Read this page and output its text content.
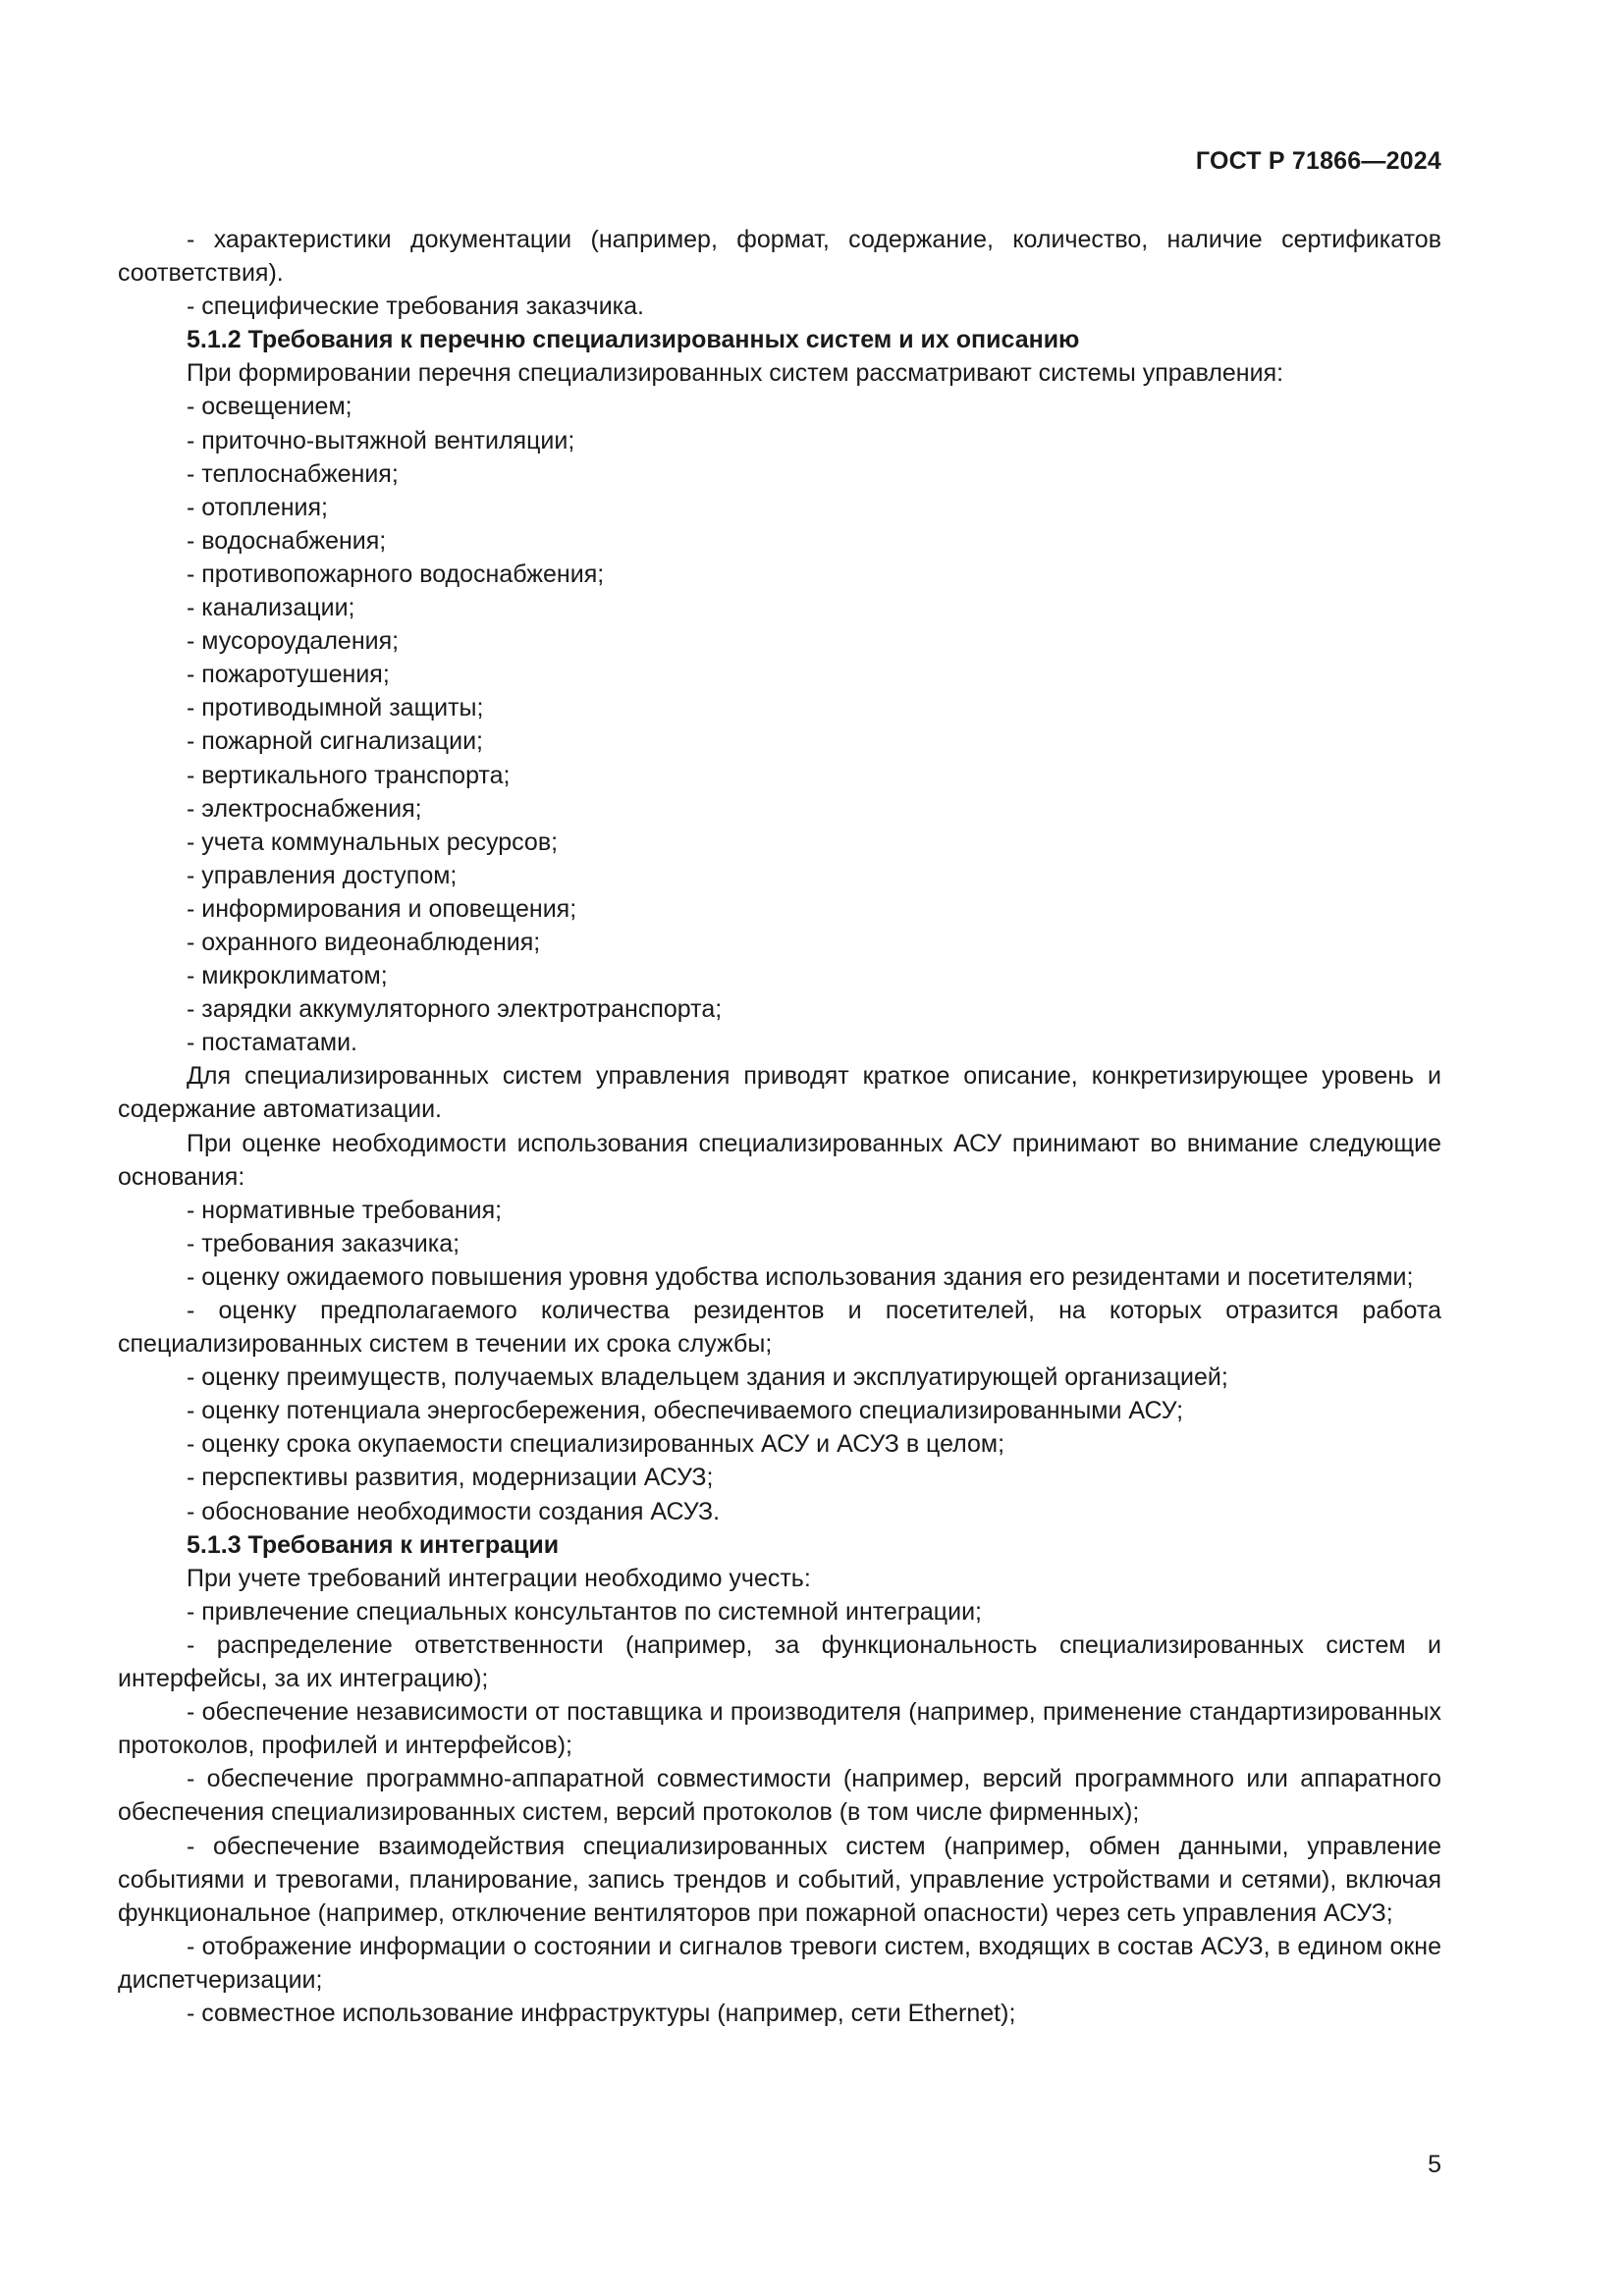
ГОСТ Р 71866—2024

- характеристики документации (например, формат, содержание, количество, наличие сертификатов соответствия).

- специфические требования заказчика.

5.1.2 Требования к перечню специализированных систем и их описанию

При формировании перечня специализированных систем рассматривают системы управления:

- освещением;

- приточно-вытяжной вентиляции;

- теплоснабжения;

- отопления;

- водоснабжения;

- противопожарного водоснабжения;

- канализации;

- мусороудаления;

- пожаротушения;

- противодымной защиты;

- пожарной сигнализации;

- вертикального транспорта;

- электроснабжения;

- учета коммунальных ресурсов;

- управления доступом;

- информирования и оповещения;

- охранного видеонаблюдения;

- микроклиматом;

- зарядки аккумуляторного электротранспорта;

- постаматами.

Для специализированных систем управления приводят краткое описание, конкретизирующее уровень и содержание автоматизации.

При оценке необходимости использования специализированных АСУ принимают во внимание следующие основания:

- нормативные требования;

- требования заказчика;

- оценку ожидаемого повышения уровня удобства использования здания его резидентами и посетителями;

- оценку предполагаемого количества резидентов и посетителей, на которых отразится работа специализированных систем в течении их срока службы;

- оценку преимуществ, получаемых владельцем здания и эксплуатирующей организацией;

- оценку потенциала энергосбережения, обеспечиваемого специализированными АСУ;

- оценку срока окупаемости специализированных АСУ и АСУЗ в целом;

- перспективы развития, модернизации АСУЗ;

- обоснование необходимости создания АСУЗ.

5.1.3 Требования к интеграции

При учете требований интеграции необходимо учесть:

- привлечение специальных консультантов по системной интеграции;

- распределение ответственности (например, за функциональность специализированных систем и интерфейсы, за их интеграцию);

- обеспечение независимости от поставщика и производителя (например, применение стандартизированных протоколов, профилей и интерфейсов);

- обеспечение программно-аппаратной совместимости (например, версий программного или аппаратного обеспечения специализированных систем, версий протоколов (в том числе фирменных);

- обеспечение взаимодействия специализированных систем (например, обмен данными, управление событиями и тревогами, планирование, запись трендов и событий, управление устройствами и сетями), включая функциональное (например, отключение вентиляторов при пожарной опасности) через сеть управления АСУЗ;

- отображение информации о состоянии и сигналов тревоги систем, входящих в состав АСУЗ, в едином окне диспетчеризации;

- совместное использование инфраструктуры (например, сети Ethernet);

5
